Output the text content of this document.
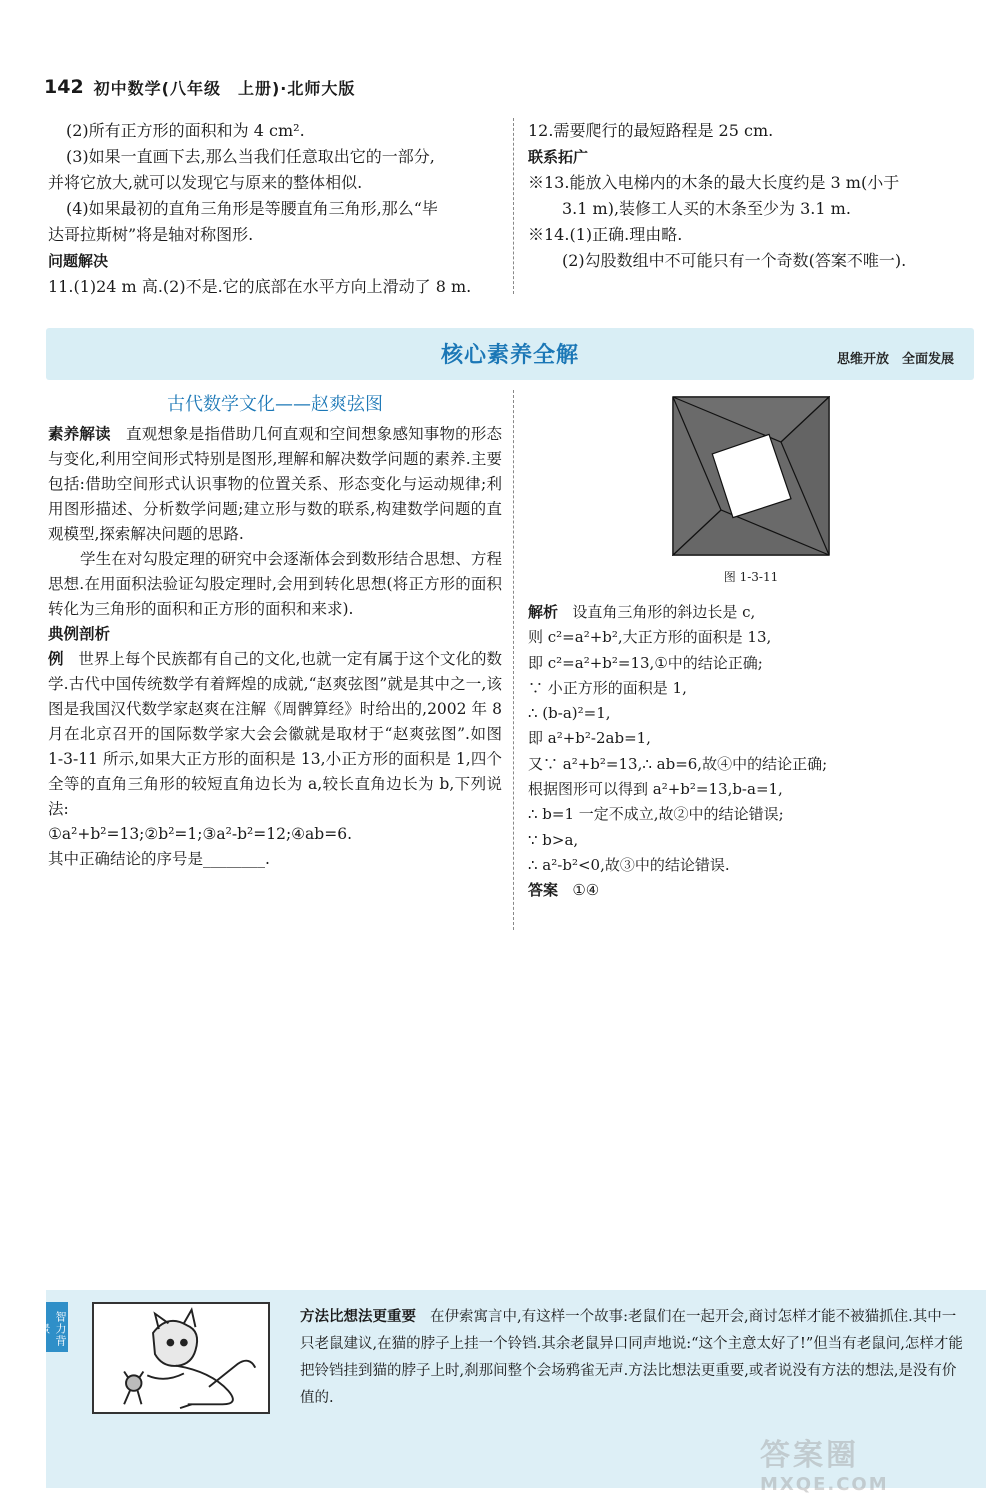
142 初中数学(八年级　上册)·北师大版
(2)所有正方形的面积和为 4 cm².
(3)如果一直画下去,那么当我们任意取出它的一部分,
并将它放大,就可以发现它与原来的整体相似.
(4)如果最初的直角三角形是等腰直角三角形,那么“毕
达哥拉斯树”将是轴对称图形.
问题解决
11.(1)24 m 高.(2)不是.它的底部在水平方向上滑动了 8 m.
12.需要爬行的最短路程是 25 cm.
联系拓广
※13.能放入电梯内的木条的最大长度约是 3 m(小于
3.1 m),装修工人买的木条至少为 3.1 m.
※14.(1)正确.理由略.
(2)勾股数组中不可能只有一个奇数(答案不唯一).
核心素养全解	思维开放　全面发展
古代数学文化——赵爽弦图
素养解读 直观想象是指借助几何直观和空间想象感知事物的形态与变化,利用空间形式特别是图形,理解和解决数学问题的素养.主要包括:借助空间形式认识事物的位置关系、形态变化与运动规律;利用图形描述、分析数学问题;建立形与数的联系,构建数学问题的直观模型,探索解决问题的思路.
学生在对勾股定理的研究中会逐渐体会到数形结合思想、方程思想.在用面积法验证勾股定理时,会用到转化思想(将正方形的面积转化为三角形的面积和正方形的面积和来求).
典例剖析
例 世界上每个民族都有自己的文化,也就一定有属于这个文化的数学.古代中国传统数学有着辉煌的成就,“赵爽弦图”就是其中之一,该图是我国汉代数学家赵爽在注解《周髀算经》时给出的,2002 年 8 月在北京召开的国际数学家大会会徽就是取材于“赵爽弦图”.如图 1-3-11 所示,如果大正方形的面积是 13,小正方形的面积是 1,四个全等的直角三角形的较短直角边长为 a,较长直角边长为 b,下列说法:
①a²+b²=13;②b²=1;③a²-b²=12;④ab=6.
其中正确结论的序号是________.
图 1-3-11
解析 设直角三角形的斜边长是 c,
则 c²=a²+b²,大正方形的面积是 13,
即 c²=a²+b²=13,①中的结论正确;
∵ 小正方形的面积是 1,
∴ (b-a)²=1,
即 a²+b²-2ab=1,
又∵ a²+b²=13,∴ ab=6,故④中的结论正确;
根据图形可以得到 a²+b²=13,b-a=1,
∴ b=1 一定不成立,故②中的结论错误;
∵ b>a,
∴ a²-b²<0,故③中的结论错误.
答案 ①④
智力背景
方法比想法更重要 在伊索寓言中,有这样一个故事:老鼠们在一起开会,商讨怎样才能不被猫抓住.其中一只老鼠建议,在猫的脖子上挂一个铃铛.其余老鼠异口同声地说:“这个主意太好了!”但当有老鼠问,怎样才能把铃铛挂到猫的脖子上时,刹那间整个会场鸦雀无声.方法比想法更重要,或者说没有方法的想法,是没有价值的.
答案圈
MXQE.COM
